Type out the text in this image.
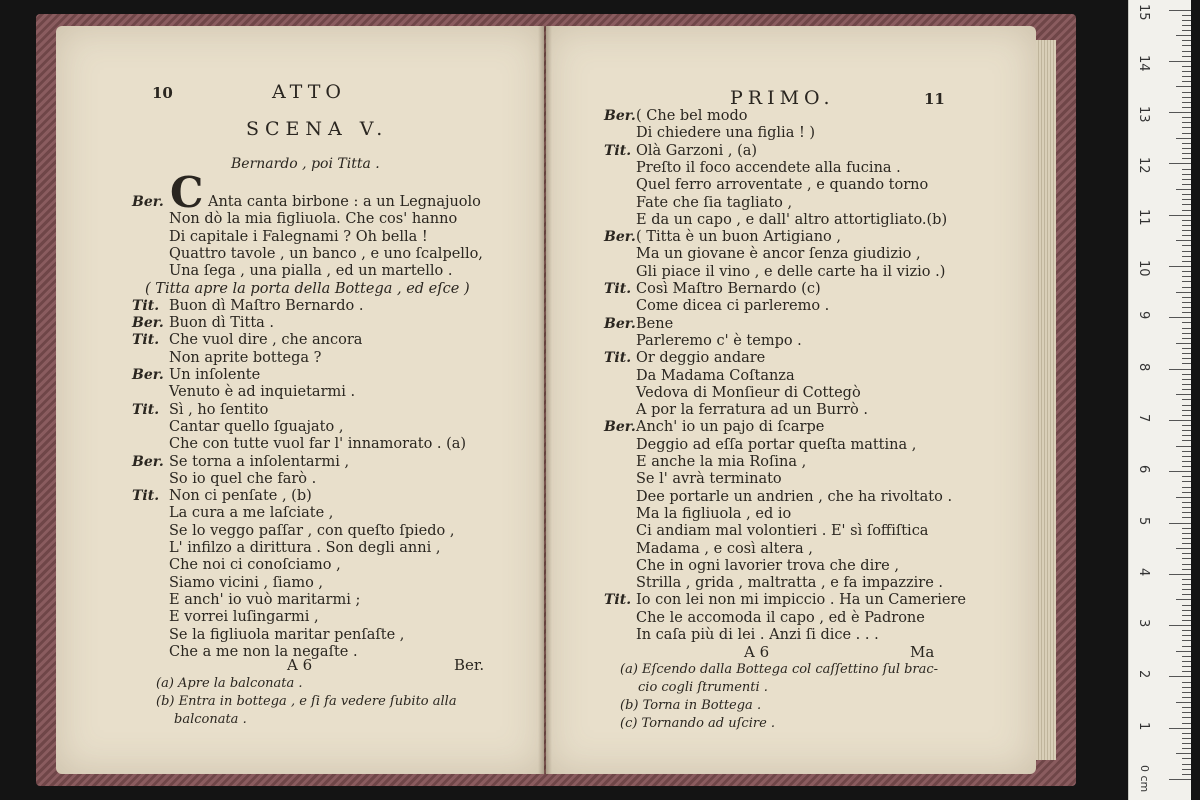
10	ATTO
SCENA V.
Bernardo , poi Titta .
C
Ber.	Anta canta birbone : a un Legnajuolo
Non dò la mia figliuola. Che cos' hanno
Di capitale i Falegnami ? Oh bella !
Quattro tavole , un banco , e uno ſcalpello,
Una ſega , una pialla , ed un martello .
( Titta apre la porta della Bottega , ed eſce )
Tit. Buon dì Maſtro Bernardo .
Ber. Buon dì Titta .
Tit. Che vuol dire , che ancora
Non aprite bottega ?
Ber. Un inſolente
Venuto è ad inquietarmi .
Tit. Sì , ho ſentito
Cantar quello ſguajato ,
Che con tutte vuol far l' innamorato . (a)
Ber. Se torna a inſolentarmi ,
So io quel che farò .
Tit. Non ci penſate , (b)
La cura a me laſciate ,
Se lo veggo paſſar , con queſto ſpiedo ,
L' infilzo a dirittura . Son degli anni ,
Che noi ci conoſciamo ,
Siamo vicini , ſiamo ,
E anch' io vuò maritarmi ;
E vorrei luſingarmi ,
Se la figliuola maritar penſaſte ,
Che a me non la negaſte .
A 6	Ber.
(a) Apre la balconata .
(b) Entra in bottega , e ſi fa vedere ſubito alla
balconata .
PRIMO.	11
Ber. ( Che bel modo
Di chiedere una figlia ! )
Tit. Olà Garzoni , (a)
Preſto il foco accendete alla fucina .
Quel ferro arroventate , e quando torno
Fate che ſia tagliato ,
E da un capo , e dall' altro attortigliato.(b)
Ber. ( Titta è un buon Artigiano ,
Ma un giovane è ancor ſenza giudizio ,
Gli piace il vino , e delle carte ha il vizio .)
Tit. Così Maſtro Bernardo (c)
Come dicea ci parleremo .
Ber. Bene
Parleremo c' è tempo .
Tit. Or deggio andare
Da Madama Coſtanza
Vedova di Monſieur di Cottegò
A por la ferratura ad un Burrò .
Ber. Anch' io un pajo di ſcarpe
Deggio ad eſſa portar queſta mattina ,
E anche la mia Roſina ,
Se l' avrà terminato
Dee portarle un andrien , che ha rivoltato .
Ma la figliuola , ed io
Ci andiam mal volontieri . E' sì ſoffiſtica
Madama , e così altera ,
Che in ogni lavorier trova che dire ,
Strilla , grida , maltratta , e fa impazzire .
Tit. Io con lei non mi impiccio . Ha un Cameriere
Che le accomoda il capo , ed è Padrone
In caſa più di lei . Anzi ſi dice . . .
A 6	Ma
(a) Eſcendo dalla Bottega col caſſettino ſul brac-
cio cogli ſtrumenti .
(b) Torna in Bottega .
(c) Tornando ad uſcire .	1
2
3
4
5
6
7
8
9
10
11
12
13
14
15
0 cm
